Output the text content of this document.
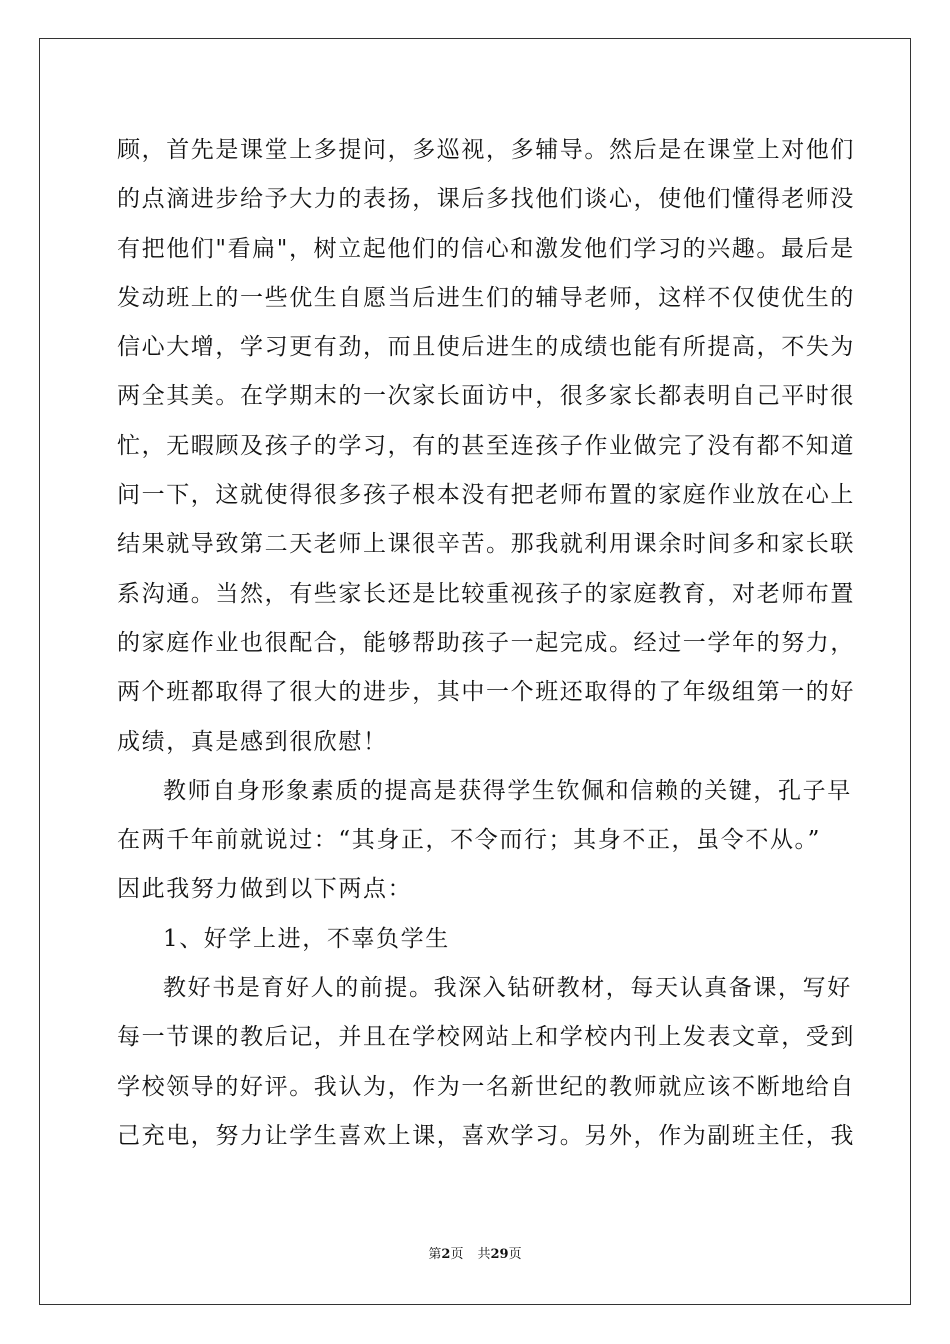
顾，首先是课堂上多提问，多巡视，多辅导。然后是在课堂上对他们
的点滴进步给予大力的表扬，课后多找他们谈心，使他们懂得老师没
有把他们"看扁"，树立起他们的信心和激发他们学习的兴趣。最后是
发动班上的一些优生自愿当后进生们的辅导老师，这样不仅使优生的
信心大增，学习更有劲，而且使后进生的成绩也能有所提高，不失为
两全其美。在学期末的一次家长面访中，很多家长都表明自己平时很
忙，无暇顾及孩子的学习，有的甚至连孩子作业做完了没有都不知道
问一下，这就使得很多孩子根本没有把老师布置的家庭作业放在心上
结果就导致第二天老师上课很辛苦。那我就利用课余时间多和家长联
系沟通。当然，有些家长还是比较重视孩子的家庭教育，对老师布置
的家庭作业也很配合，能够帮助孩子一起完成。经过一学年的努力，
两个班都取得了很大的进步，其中一个班还取得的了年级组第一的好
成绩，真是感到很欣慰！
教师自身形象素质的提高是获得学生钦佩和信赖的关键，孔子早
在两千年前就说过：“其身正，不令而行；其身不正，虽令不从。”
因此我努力做到以下两点：
1、好学上进，不辜负学生
教好书是育好人的前提。我深入钻研教材，每天认真备课，写好
每一节课的教后记，并且在学校网站上和学校内刊上发表文章，受到
学校领导的好评。我认为，作为一名新世纪的教师就应该不断地给自
己充电，努力让学生喜欢上课，喜欢学习。另外，作为副班主任，我
第2页 共29页
